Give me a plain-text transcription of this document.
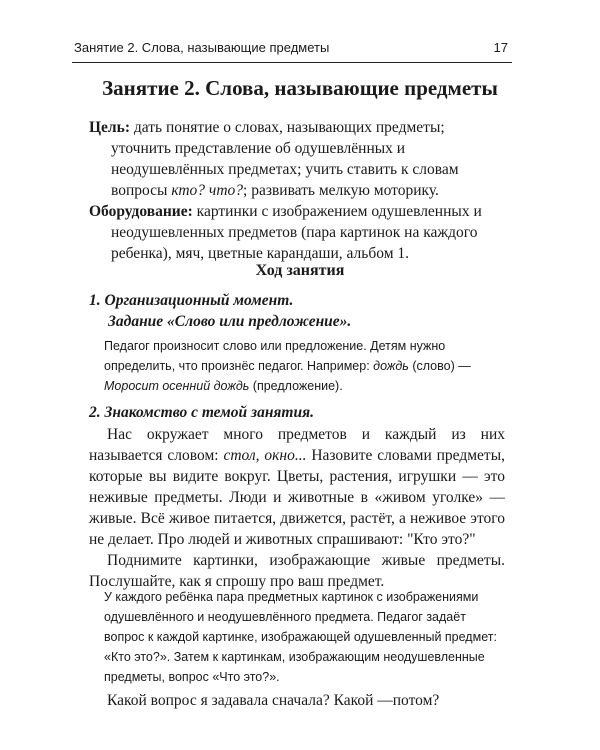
Занятие 2. Слова, называющие предметы	17
Занятие 2. Слова, называющие предметы

Цель: дать понятие о словах, называющих предметы; уточнить представление об одушевлённых и неодушевлённых предметах; учить ставить к словам вопросы кто? что?; развивать мелкую моторику.

Оборудование: картинки с изображением одушевленных и неодушевленных предметов (пара картинок на каждого ребенка), мяч, цветные карандаши, альбом 1.

Ход занятия

1. Организационный момент.
Задание «Слово или предложение».

Педагог произносит слово или предложение. Детям нужно определить, что произнёс педагог. Например: дождь (слово) — Моросит осенний дождь (предложение).

2. Знакомство с темой занятия.

Нас окружает много предметов и каждый из них называется словом: стол, окно... Назовите словами предметы, которые вы видите вокруг. Цветы, растения, игрушки — это неживые предметы. Люди и животные в «живом уголке» — живые. Всё живое питается, движется, растёт, а неживое этого не делает. Про людей и животных спрашивают: "Кто это?"

Поднимите картинки, изображающие живые предметы. Послушайте, как я спрошу про ваш предмет.

У каждого ребёнка пара предметных картинок с изображениями одушевлённого и неодушевлённого предмета. Педагог задаёт вопрос к каждой картинке, изображающей одушевленный предмет: «Кто это?». Затем к картинкам, изображающим неодушевленные предметы, вопрос «Что это?».

Какой вопрос я задавала сначала? Какой —потом?
